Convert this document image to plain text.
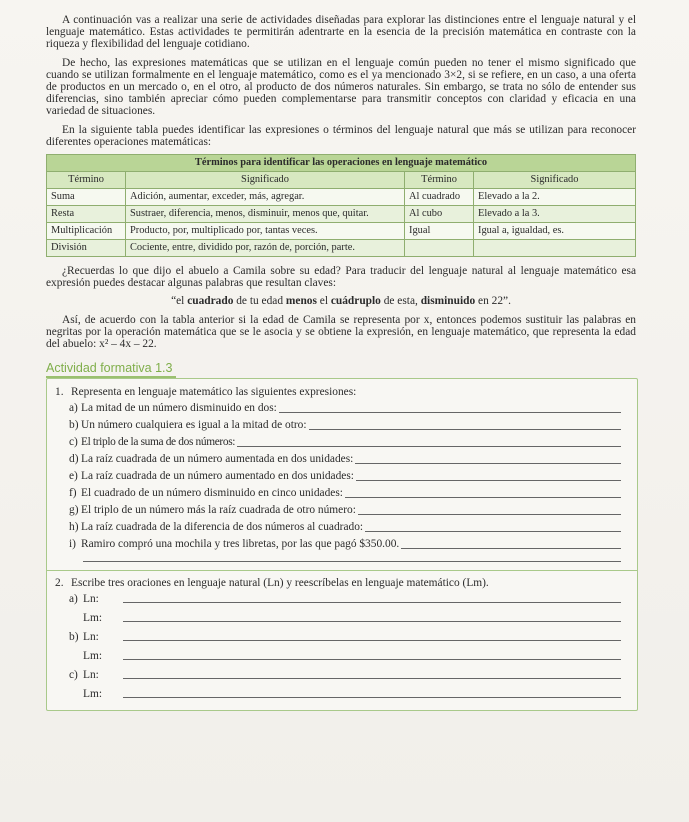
A continuación vas a realizar una serie de actividades diseñadas para explorar las distinciones entre el lenguaje natural y el lenguaje matemático. Estas actividades te permitirán adentrarte en la esencia de la precisión matemática en contraste con la riqueza y flexibilidad del lenguaje cotidiano.

De hecho, las expresiones matemáticas que se utilizan en el lenguaje común pueden no tener el mismo significado que cuando se utilizan formalmente en el lenguaje matemático, como es el ya mencionado 3×2, si se refiere, en un caso, a una oferta de productos en un mercado o, en el otro, al producto de dos números naturales. Sin embargo, se trata no sólo de entender sus diferencias, sino también apreciar cómo pueden complementarse para transmitir conceptos con claridad y eficacia en una variedad de situaciones.

En la siguiente tabla puedes identificar las expresiones o términos del lenguaje natural que más se utilizan para reconocer diferentes operaciones matemáticas:

Términos para identificar las operaciones en lenguaje matemático			
Término	Significado	Término	Significado
Suma	Adición, aumentar, exceder, más, agregar.	Al cuadrado	Elevado a la 2.
Resta	Sustraer, diferencia, menos, disminuir, menos que, quitar.	Al cubo	Elevado a la 3.
Multiplicación	Producto, por, multiplicado por, tantas veces.	Igual	Igual a, igualdad, es.
División	Cociente, entre, dividido por, razón de, porción, parte.		

¿Recuerdas lo que dijo el abuelo a Camila sobre su edad? Para traducir del lenguaje natural al lenguaje matemático esa expresión puedes destacar algunas palabras que resultan claves:

“el cuadrado de tu edad menos el cuádruplo de esta, disminuido en 22”.

Así, de acuerdo con la tabla anterior si la edad de Camila se representa por x, entonces podemos sustituir las palabras en negritas por la operación matemática que se le asocia y se obtiene la expresión, en lenguaje matemático, que representa la edad del abuelo: x² – 4x – 22.

Actividad formativa 1.3
1. Representa en lenguaje matemático las siguientes expresiones:
a) La mitad de un número disminuido en dos:
b) Un número cualquiera es igual a la mitad de otro:
c) El triplo de la suma de dos números:
d) La raíz cuadrada de un número aumentada en dos unidades:
e) La raíz cuadrada de un número aumentado en dos unidades:
f) El cuadrado de un número disminuido en cinco unidades:
g) El triplo de un número más la raíz cuadrada de otro número:
h) La raíz cuadrada de la diferencia de dos números al cuadrado:
i) Ramiro compró una mochila y tres libretas, por las que pagó $350.00.
2. Escribe tres oraciones en lenguaje natural (Ln) y reescríbelas en lenguaje matemático (Lm).
a) Ln:
Lm:
b) Ln:
Lm:
c) Ln:
Lm:
